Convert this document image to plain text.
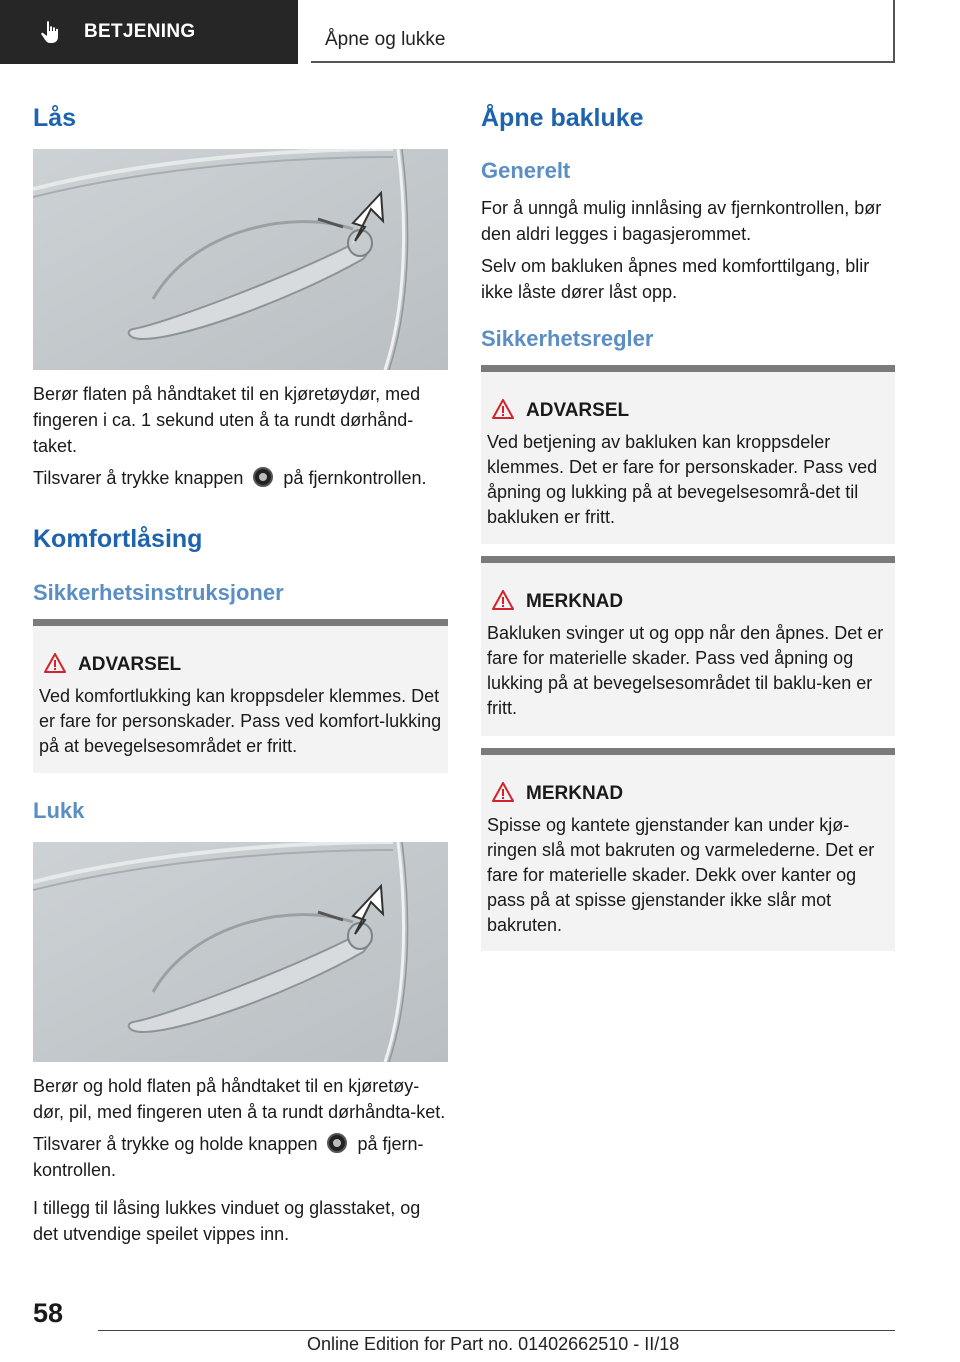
BETJENING	Åpne og lukke
Lås

Berør flaten på håndtaket til en kjøretøydør, med fingeren i ca. 1 sekund uten å ta rundt dørhånd-taket.

Tilsvarer å trykke knappen på fjernkontrollen.

Komfortlåsing
Sikkerhetsinstruksjoner
ADVARSEL
Ved komfortlukking kan kroppsdeler klemmes. Det er fare for personskader. Pass ved komfort-lukking på at bevegelsesområdet er fritt.
Lukk

Berør og hold flaten på håndtaket til en kjøretøy-dør, pil, med fingeren uten å ta rundt dørhåndta-ket.

Tilsvarer å trykke og holde knappen på fjern-kontrollen.

I tillegg til låsing lukkes vinduet og glasstaket, og det utvendige speilet vippes inn.

Åpne bakluke
Generelt

For å unngå mulig innlåsing av fjernkontrollen, bør den aldri legges i bagasjerommet.

Selv om bakluken åpnes med komforttilgang, blir ikke låste dører låst opp.

Sikkerhetsregler
ADVARSEL
Ved betjening av bakluken kan kroppsdeler klemmes. Det er fare for personskader. Pass ved åpning og lukking på at bevegelsesområ-det til bakluken er fritt.
MERKNAD
Bakluken svinger ut og opp når den åpnes. Det er fare for materielle skader. Pass ved åpning og lukking på at bevegelsesområdet til baklu-ken er fritt.
MERKNAD
Spisse og kantete gjenstander kan under kjø-ringen slå mot bakruten og varmelederne. Det er fare for materielle skader. Dekk over kanter og pass på at spisse gjenstander ikke slår mot bakruten.
58
Online Edition for Part no. 01402662510 - II/18
